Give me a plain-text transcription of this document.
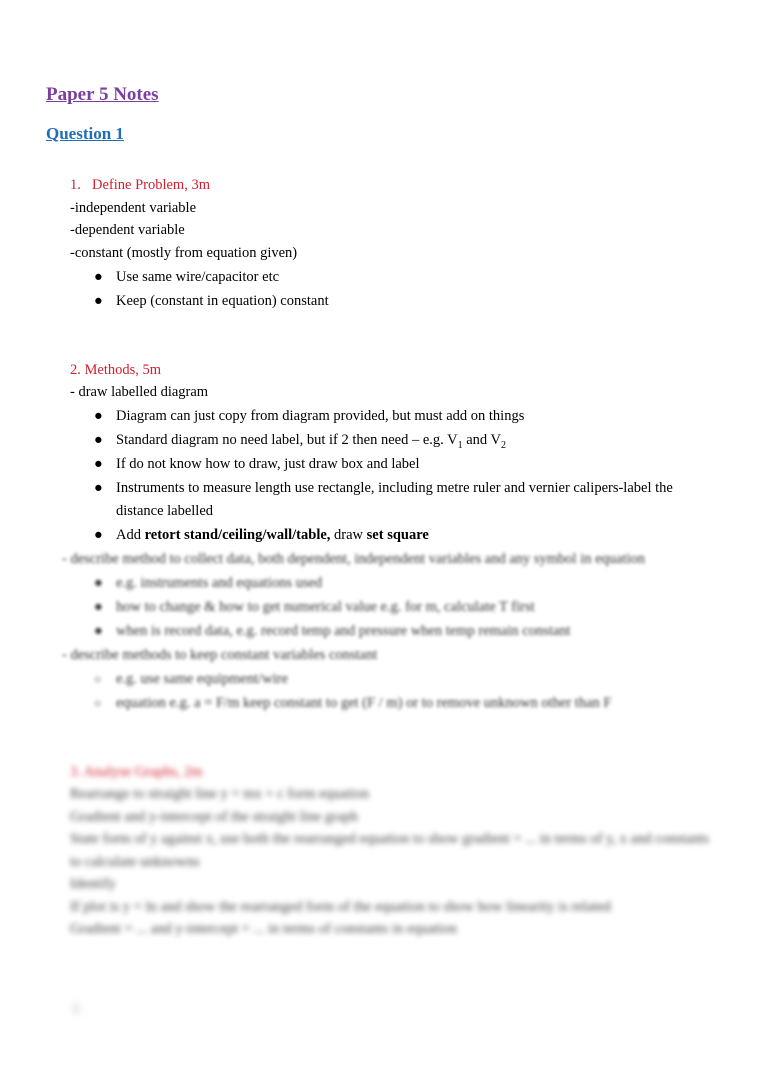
Paper 5 Notes
Question 1
1. Define Problem, 3m

-independent variable

-dependent variable

-constant (mostly from equation given)

● Use same wire/capacitor etc
● Keep (constant in equation) constant

2. Methods, 5m

- draw labelled diagram

● Diagram can just copy from diagram provided, but must add on things
● Standard diagram no need label, but if 2 then need – e.g. $V_1$ and $V_2$
● If do not know how to draw, just draw box and label
● Instruments to measure length use rectangle, including metre ruler and vernier calipers-label the distance labelled
● Add retort stand/ceiling/wall/table, draw set square

- describe method to collect data, both dependent, independent variables and any symbol in equation

● e.g. instruments and equations used
● how to change & how to get numerical value e.g. for m, calculate T first
● when is record data, e.g. record temp and pressure when temp remain constant

- describe methods to keep constant variables constant

○ e.g. use same equipment/wire
○ equation e.g. a = F/m keep constant to get (F / m) or to remove unknown other than F

3. Analyse Graphs, 2m

Rearrange to straight line y = mx + c form equation

Gradient and y-intercept of the straight line graph

State form of y against x, use both the rearranged equation to show gradient = ... in terms of y, x and constants to calculate unknowns

Identify

If plot is y = ln and show the rearranged form of the equation to show how linearity is related

Gradient = ... and y-intercept = ... in terms of constants in equation

1
